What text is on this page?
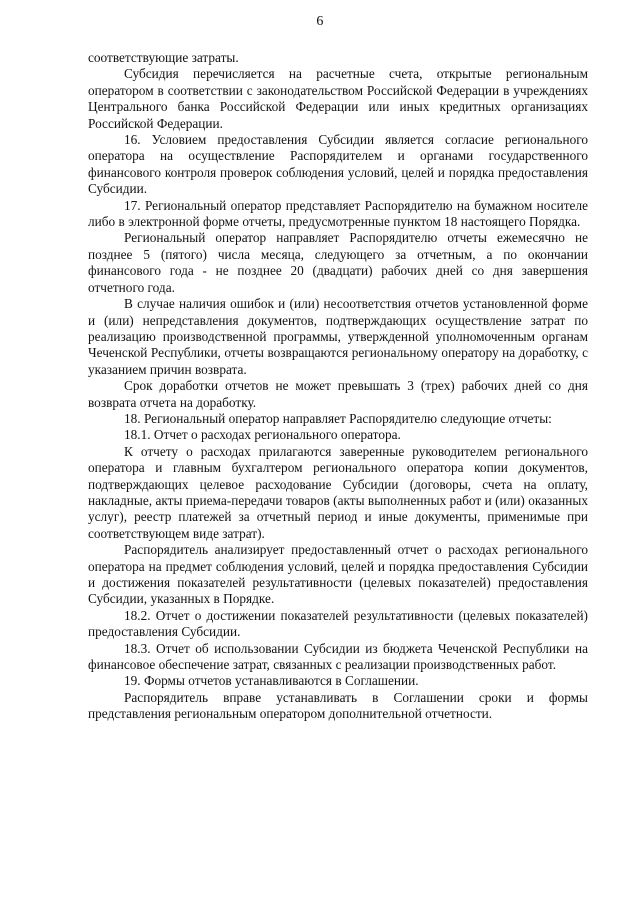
6

соответствующие затраты.

Субсидия перечисляется на расчетные счета, открытые региональным оператором в соответствии с законодательством Российской Федерации в учреждениях Центрального банка Российской Федерации или иных кредитных организациях Российской Федерации.

16. Условием предоставления Субсидии является согласие регионального оператора на осуществление Распорядителем и органами государственного финансового контроля проверок соблюдения условий, целей и порядка предоставления Субсидии.

17. Региональный оператор представляет Распорядителю на бумажном носителе либо в электронной форме отчеты, предусмотренные пунктом 18 настоящего Порядка.

Региональный оператор направляет Распорядителю отчеты ежемесячно не позднее 5 (пятого) числа месяца, следующего за отчетным, а по окончании финансового года - не позднее 20 (двадцати) рабочих дней со дня завершения отчетного года.

В случае наличия ошибок и (или) несоответствия отчетов установленной форме и (или) непредставления документов, подтверждающих осуществление затрат по реализацию производственной программы, утвержденной уполномоченным органам Чеченской Республики, отчеты возвращаются региональному оператору на доработку, с указанием причин возврата.

Срок доработки отчетов не может превышать 3 (трех) рабочих дней со дня возврата отчета на доработку.

18. Региональный оператор направляет Распорядителю следующие отчеты:

18.1. Отчет о расходах регионального оператора.

К отчету о расходах прилагаются заверенные руководителем регионального оператора и главным бухгалтером регионального оператора копии документов, подтверждающих целевое расходование Субсидии (договоры, счета на оплату, накладные, акты приема-передачи товаров (акты выполненных работ и (или) оказанных услуг), реестр платежей за отчетный период и иные документы, применимые при соответствующем виде затрат).

Распорядитель анализирует предоставленный отчет о расходах регионального оператора на предмет соблюдения условий, целей и порядка предоставления Субсидии и достижения показателей результативности (целевых показателей) предоставления Субсидии, указанных в Порядке.

18.2. Отчет о достижении показателей результативности (целевых показателей) предоставления Субсидии.

18.3. Отчет об использовании Субсидии из бюджета Чеченской Республики на финансовое обеспечение затрат, связанных с реализации производственных работ.

19. Формы отчетов устанавливаются в Соглашении.

Распорядитель вправе устанавливать в Соглашении сроки и формы представления региональным оператором дополнительной отчетности.
